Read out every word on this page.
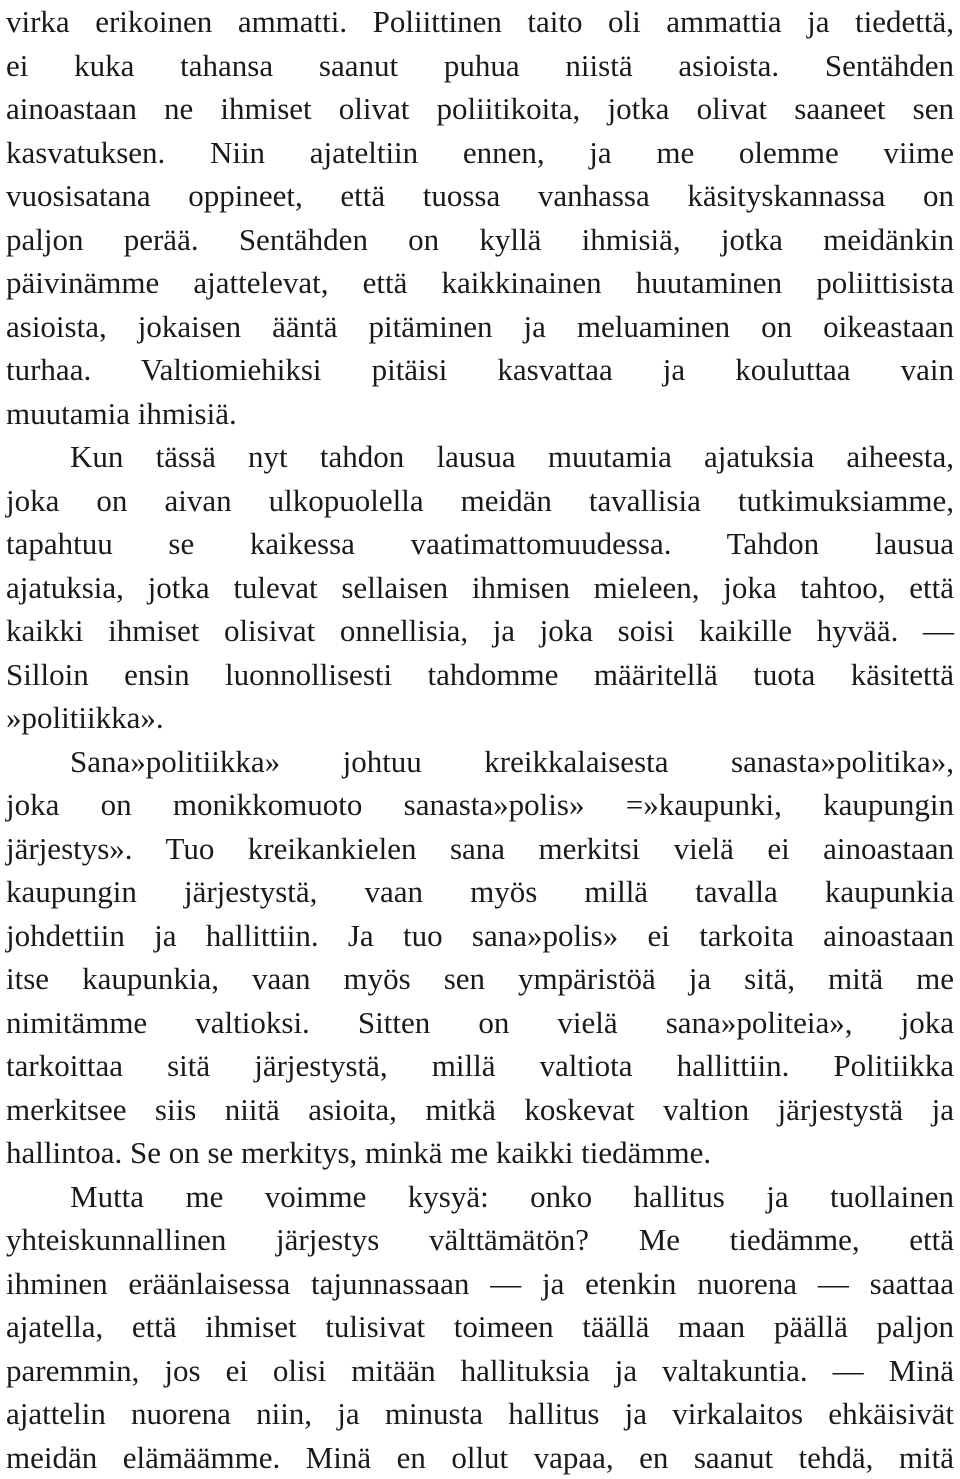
virka erikoinen ammatti. Poliittinen taito oli ammattia ja tiedettä,
ei kuka tahansa saanut puhua niistä asioista. Sentähden
ainoastaan ne ihmiset olivat poliitikoita, jotka olivat saaneet sen
kasvatuksen. Niin ajateltiin ennen, ja me olemme viime
vuosisatana oppineet, että tuossa vanhassa käsityskannassa on
paljon perää. Sentähden on kyllä ihmisiä, jotka meidänkin
päivinämme ajattelevat, että kaikkinainen huutaminen poliittisista
asioista, jokaisen ääntä pitäminen ja meluaminen on oikeastaan
turhaa. Valtiomiehiksi pitäisi kasvattaa ja kouluttaa vain
muutamia ihmisiä.
Kun tässä nyt tahdon lausua muutamia ajatuksia aiheesta,
joka on aivan ulkopuolella meidän tavallisia tutkimuksiamme,
tapahtuu se kaikessa vaatimattomuudessa. Tahdon lausua
ajatuksia, jotka tulevat sellaisen ihmisen mieleen, joka tahtoo, että
kaikki ihmiset olisivat onnellisia, ja joka soisi kaikille hyvää. —
Silloin ensin luonnollisesti tahdomme määritellä tuota käsitettä
»politiikka».
Sana»politiikka» johtuu kreikkalaisesta sanasta»politika»,
joka on monikkomuoto sanasta»polis» =»kaupunki, kaupungin
järjestys». Tuo kreikankielen sana merkitsi vielä ei ainoastaan
kaupungin järjestystä, vaan myös millä tavalla kaupunkia
johdettiin ja hallittiin. Ja tuo sana»polis» ei tarkoita ainoastaan
itse kaupunkia, vaan myös sen ympäristöä ja sitä, mitä me
nimitämme valtioksi. Sitten on vielä sana»politeia», joka
tarkoittaa sitä järjestystä, millä valtiota hallittiin. Politiikka
merkitsee siis niitä asioita, mitkä koskevat valtion järjestystä ja
hallintoa. Se on se merkitys, minkä me kaikki tiedämme.
Mutta me voimme kysyä: onko hallitus ja tuollainen
yhteiskunnallinen järjestys välttämätön? Me tiedämme, että
ihminen eräänlaisessa tajunnassaan — ja etenkin nuorena — saattaa
ajatella, että ihmiset tulisivat toimeen täällä maan päällä paljon
paremmin, jos ei olisi mitään hallituksia ja valtakuntia. — Minä
ajattelin nuorena niin, ja minusta hallitus ja virkalaitos ehkäisivät
meidän elämäämme. Minä en ollut vapaa, en saanut tehdä, mitä
